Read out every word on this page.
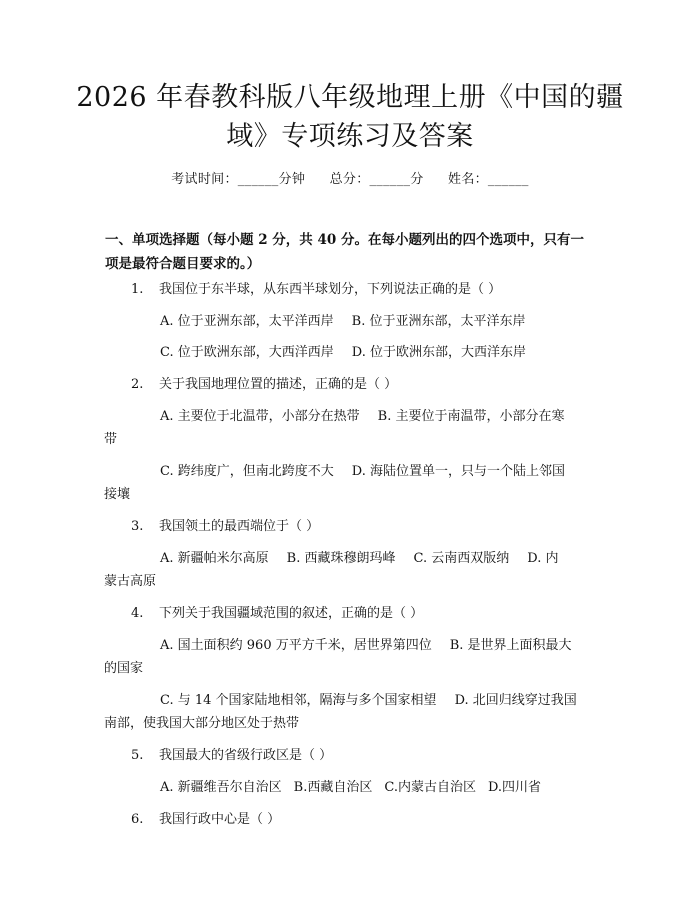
2026 年春教科版八年级地理上册《中国的疆
域》专项练习及答案
考试时间：______分钟 总分：______分 姓名：______
一、单项选择题（每小题 2 分，共 40 分。在每小题列出的四个选项中，只有一项是最符合题目要求的。）
1. 我国位于东半球，从东西半球划分，下列说法正确的是（ ）
A. 位于亚洲东部，太平洋西岸 B. 位于亚洲东部，太平洋东岸
C. 位于欧洲东部，大西洋西岸 D. 位于欧洲东部，大西洋东岸
2. 关于我国地理位置的描述，正确的是（ ）
A. 主要位于北温带，小部分在热带 B. 主要位于南温带，小部分在寒
带
C. 跨纬度广，但南北跨度不大 D. 海陆位置单一，只与一个陆上邻国
接壤
3. 我国领土的最西端位于（ ）
A. 新疆帕米尔高原 B. 西藏珠穆朗玛峰 C. 云南西双版纳 D. 内
蒙古高原
4. 下列关于我国疆域范围的叙述，正确的是（ ）
A. 国土面积约 960 万平方千米，居世界第四位 B. 是世界上面积最大
的国家
C. 与 14 个国家陆地相邻，隔海与多个国家相望 D. 北回归线穿过我国
南部，使我国大部分地区处于热带
5. 我国最大的省级行政区是（ ）
A. 新疆维吾尔自治区 B.西藏自治区 C.内蒙古自治区 D.四川省
6. 我国行政中心是（ ）
